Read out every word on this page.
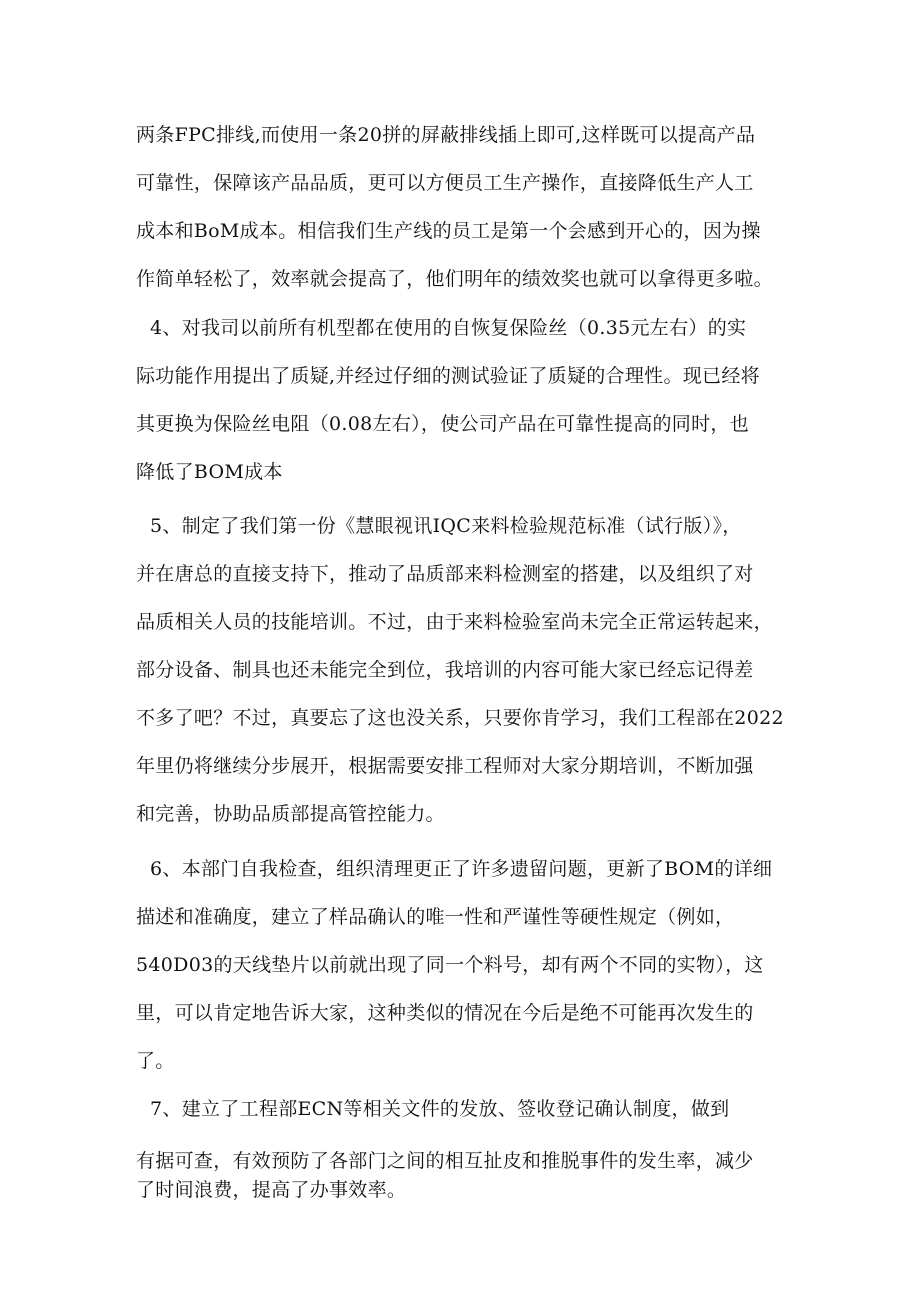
两条FPC排线,而使用一条20拼的屏蔽排线插上即可,这样既可以提高产品
可靠性，保障该产品品质，更可以方便员工生产操作，直接降低生产人工
成本和BoM成本。相信我们生产线的员工是第一个会感到开心的，因为操
作简单轻松了，效率就会提高了，他们明年的绩效奖也就可以拿得更多啦。
4、对我司以前所有机型都在使用的自恢复保险丝（0.35元左右）的实
际功能作用提出了质疑,并经过仔细的测试验证了质疑的合理性。现已经将
其更换为保险丝电阻（0.08左右），使公司产品在可靠性提高的同时，也
降低了BOM成本
5、制定了我们第一份《慧眼视讯IQC来料检验规范标准（试行版）》，
并在唐总的直接支持下，推动了品质部来料检测室的搭建，以及组织了对
品质相关人员的技能培训。不过，由于来料检验室尚未完全正常运转起来，
部分设备、制具也还未能完全到位，我培训的内容可能大家已经忘记得差
不多了吧？不过，真要忘了这也没关系，只要你肯学习，我们工程部在2022
年里仍将继续分步展开，根据需要安排工程师对大家分期培训，不断加强
和完善，协助品质部提高管控能力。
6、本部门自我检查，组织清理更正了许多遗留问题，更新了BOM的详细
描述和准确度，建立了样品确认的唯一性和严谨性等硬性规定（例如，
540D03的天线垫片以前就出现了同一个料号，却有两个不同的实物），这
里，可以肯定地告诉大家，这种类似的情况在今后是绝不可能再次发生的
了。
7、建立了工程部ECN等相关文件的发放、签收登记确认制度，做到
有据可查，有效预防了各部门之间的相互扯皮和推脱事件的发生率，减少
了时间浪费，提高了办事效率。
